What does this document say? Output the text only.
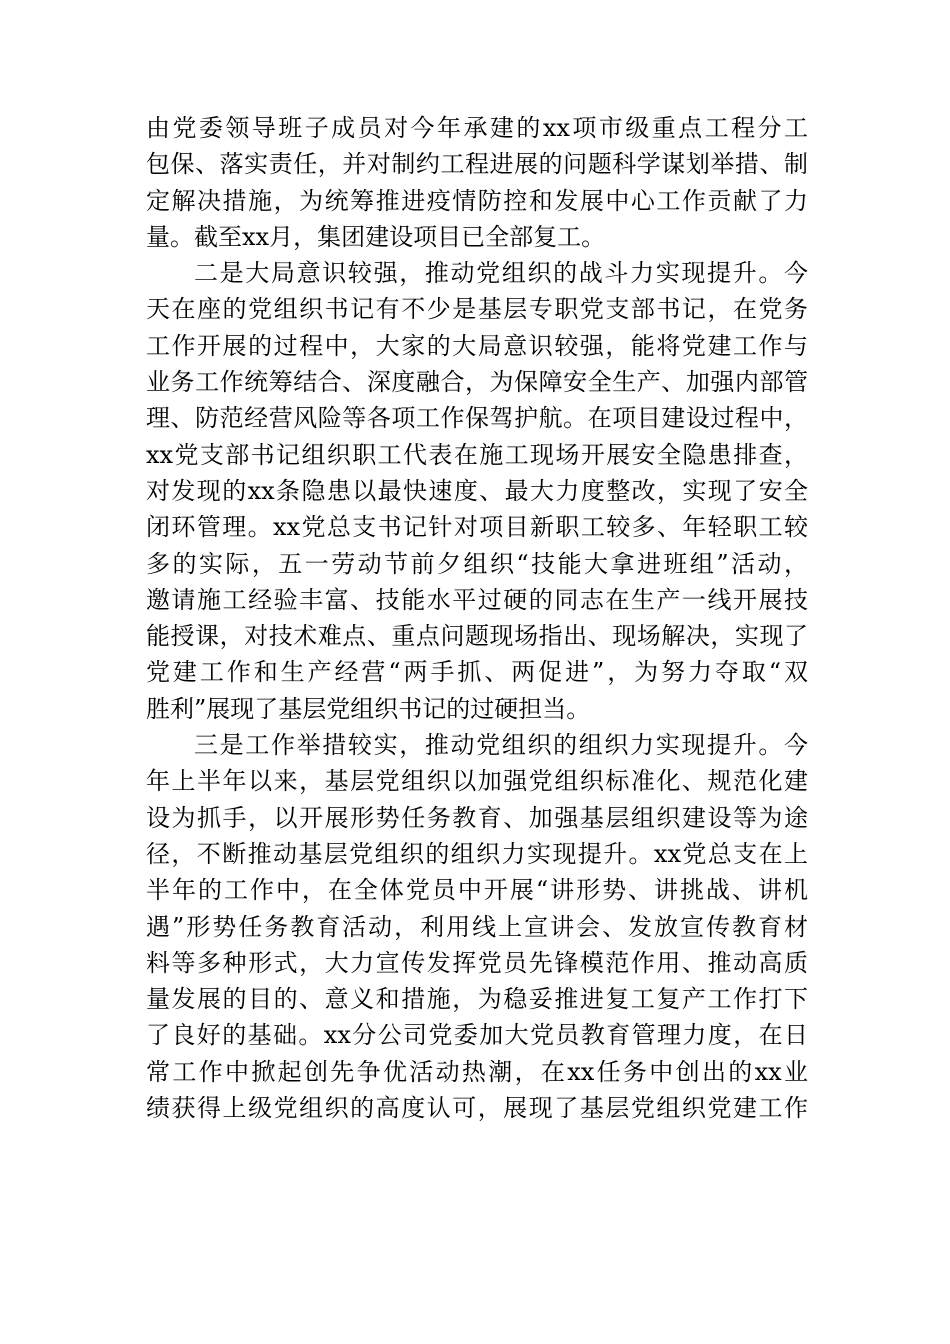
由党委领导班子成员对今年承建的xx项市级重点工程分工
包保、落实责任，并对制约工程进展的问题科学谋划举措、制
定解决措施，为统筹推进疫情防控和发展中心工作贡献了力
量。截至xx月，集团建设项目已全部复工。
二是大局意识较强，推动党组织的战斗力实现提升。今
天在座的党组织书记有不少是基层专职党支部书记，在党务
工作开展的过程中，大家的大局意识较强，能将党建工作与
业务工作统筹结合、深度融合，为保障安全生产、加强内部管
理、防范经营风险等各项工作保驾护航。在项目建设过程中，
xx党支部书记组织职工代表在施工现场开展安全隐患排查，
对发现的xx条隐患以最快速度、最大力度整改，实现了安全
闭环管理。xx党总支书记针对项目新职工较多、年轻职工较
多的实际，五一劳动节前夕组织“技能大拿进班组”活动，
邀请施工经验丰富、技能水平过硬的同志在生产一线开展技
能授课，对技术难点、重点问题现场指出、现场解决，实现了
党建工作和生产经营“两手抓、两促进”，为努力夺取“双
胜利”展现了基层党组织书记的过硬担当。
三是工作举措较实，推动党组织的组织力实现提升。今
年上半年以来，基层党组织以加强党组织标准化、规范化建
设为抓手，以开展形势任务教育、加强基层组织建设等为途
径，不断推动基层党组织的组织力实现提升。xx党总支在上
半年的工作中，在全体党员中开展“讲形势、讲挑战、讲机
遇”形势任务教育活动，利用线上宣讲会、发放宣传教育材
料等多种形式，大力宣传发挥党员先锋模范作用、推动高质
量发展的目的、意义和措施，为稳妥推进复工复产工作打下
了良好的基础。xx分公司党委加大党员教育管理力度，在日
常工作中掀起创先争优活动热潮，在xx任务中创出的xx业
绩获得上级党组织的高度认可，展现了基层党组织党建工作
